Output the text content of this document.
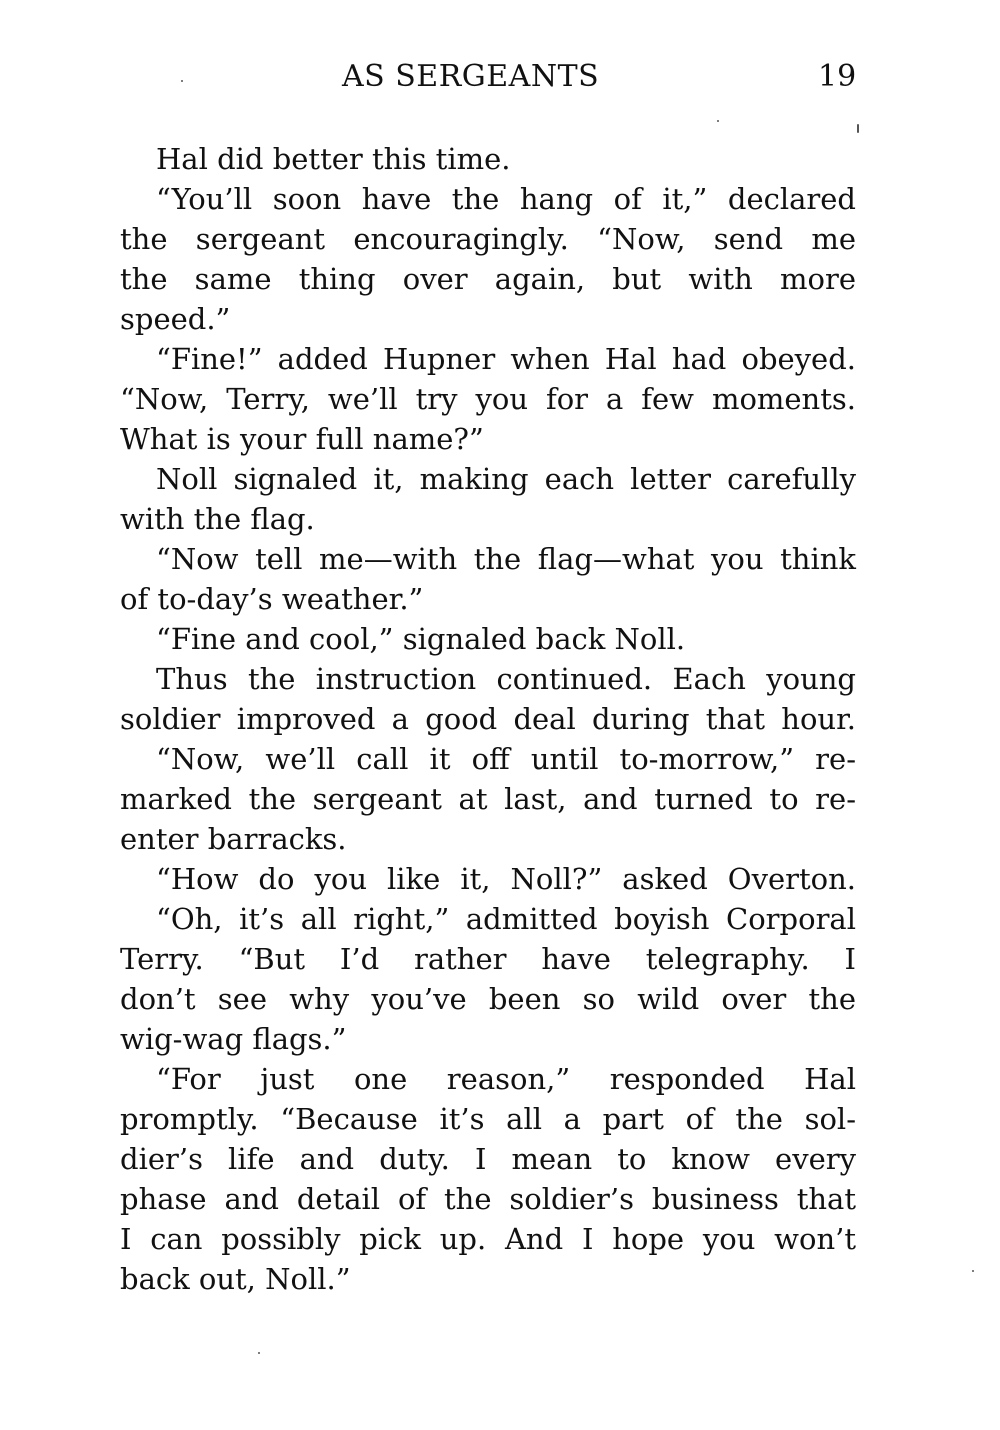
AS SERGEANTS	19
Hal did better this time.
“You’ll soon have the hang of it,” declared
the sergeant encouragingly. “Now, send me
the same thing over again, but with more
speed.”
“Fine!” added Hupner when Hal had obeyed.
“Now, Terry, we’ll try you for a few moments.
What is your full name?”
Noll signaled it, making each letter carefully
with the flag.
“Now tell me—with the flag—what you think
of to-day’s weather.”
“Fine and cool,” signaled back Noll.
Thus the instruction continued. Each young
soldier improved a good deal during that hour.
“Now, we’ll call it off until to-morrow,” re-
marked the sergeant at last, and turned to re-
enter barracks.
“How do you like it, Noll?” asked Overton.
“Oh, it’s all right,” admitted boyish Corporal
Terry. “But I’d rather have telegraphy. I
don’t see why you’ve been so wild over the
wig-wag flags.”
“For just one reason,” responded Hal
promptly. “Because it’s all a part of the sol-
dier’s life and duty. I mean to know every
phase and detail of the soldier’s business that
I can possibly pick up. And I hope you won’t
back out, Noll.”
